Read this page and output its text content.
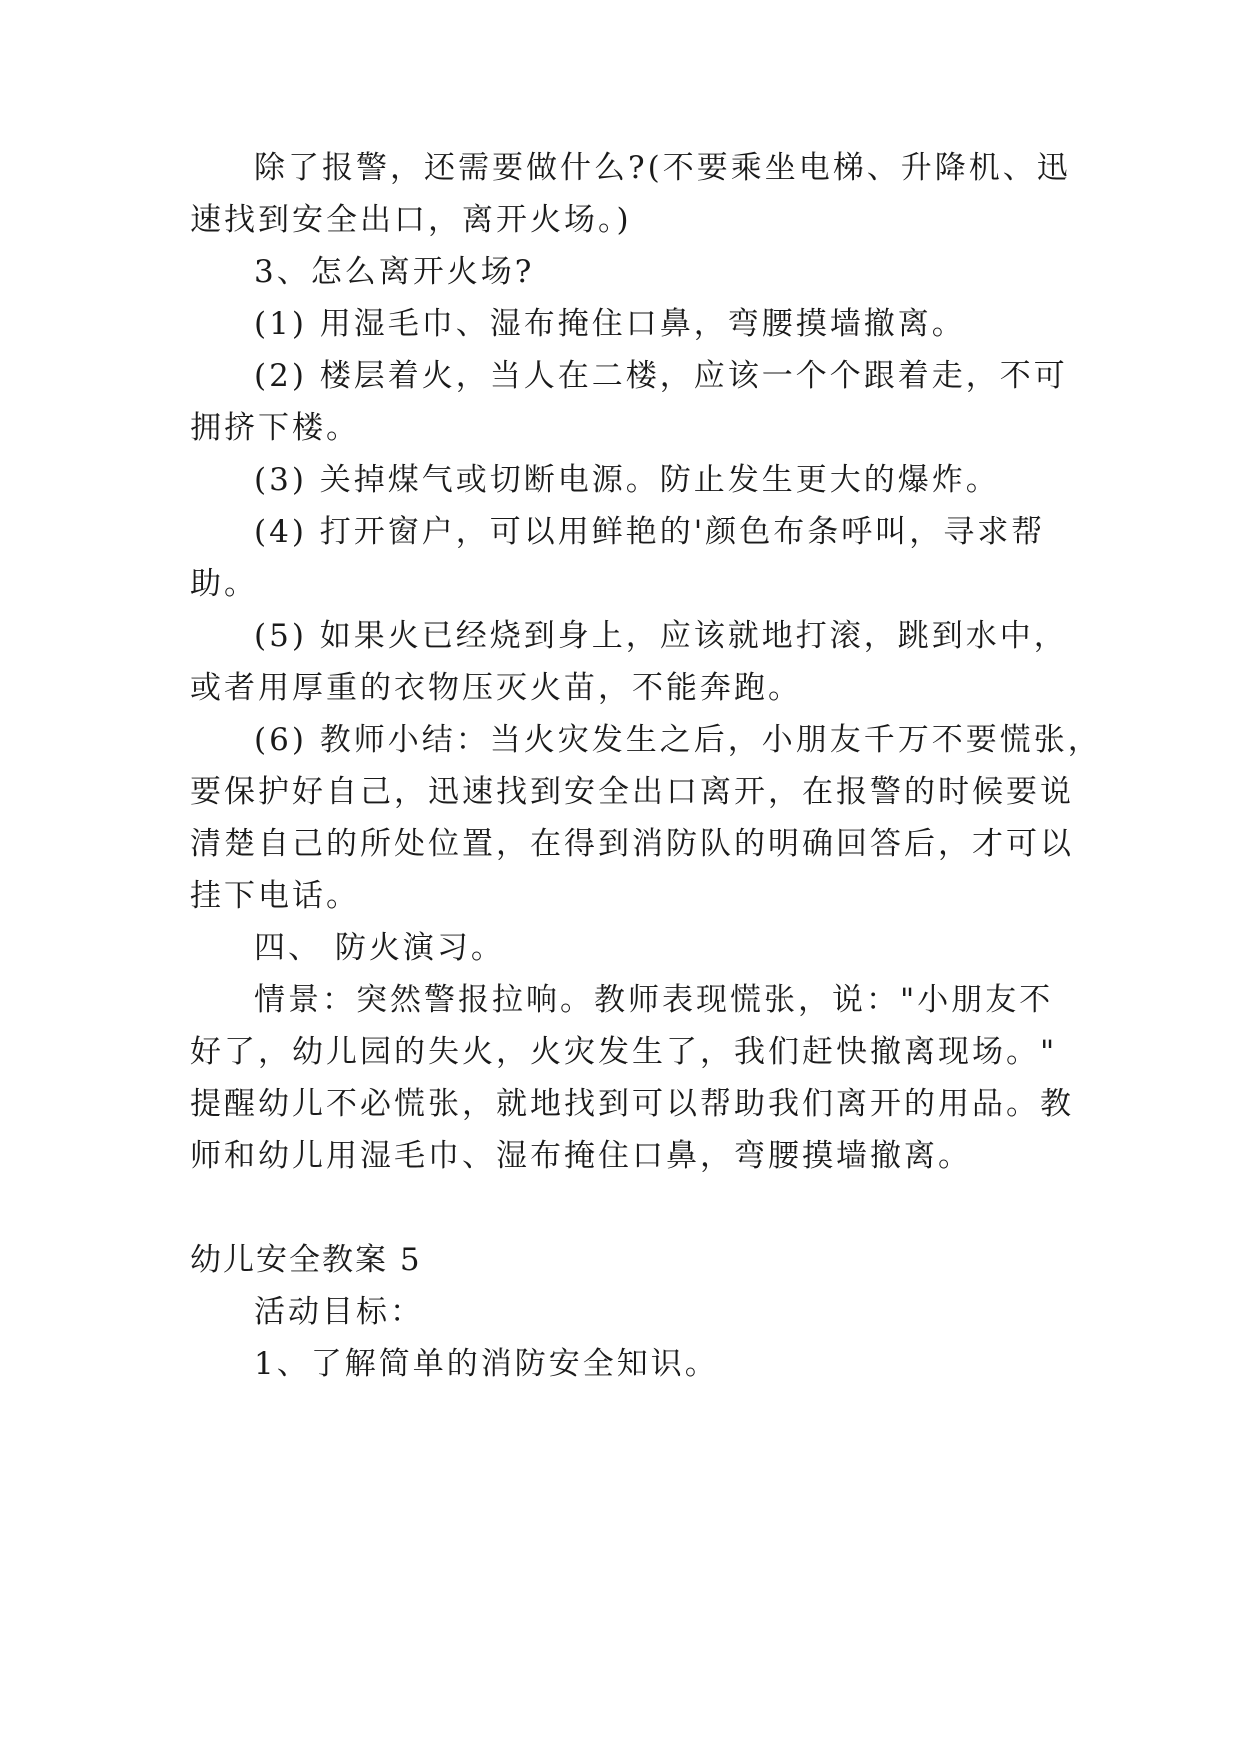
除了报警，还需要做什么?(不要乘坐电梯、升降机、迅
速找到安全出口，离开火场。)
3、怎么离开火场?
(1) 用湿毛巾、湿布掩住口鼻，弯腰摸墙撤离。
(2) 楼层着火，当人在二楼，应该一个个跟着走，不可
拥挤下楼。
(3) 关掉煤气或切断电源。防止发生更大的爆炸。
(4) 打开窗户，可以用鲜艳的'颜色布条呼叫，寻求帮
助。
(5) 如果火已经烧到身上，应该就地打滚，跳到水中，
或者用厚重的衣物压灭火苗，不能奔跑。
(6) 教师小结：当火灾发生之后，小朋友千万不要慌张，
要保护好自己，迅速找到安全出口离开，在报警的时候要说
清楚自己的所处位置，在得到消防队的明确回答后，才可以
挂下电话。
四、 防火演习。
情景：突然警报拉响。教师表现慌张，说："小朋友不
好了，幼儿园的失火，火灾发生了，我们赶快撤离现场。"
提醒幼儿不必慌张，就地找到可以帮助我们离开的用品。教
师和幼儿用湿毛巾、湿布掩住口鼻，弯腰摸墙撤离。
幼儿安全教案 5
活动目标：
1、了解简单的消防安全知识。
